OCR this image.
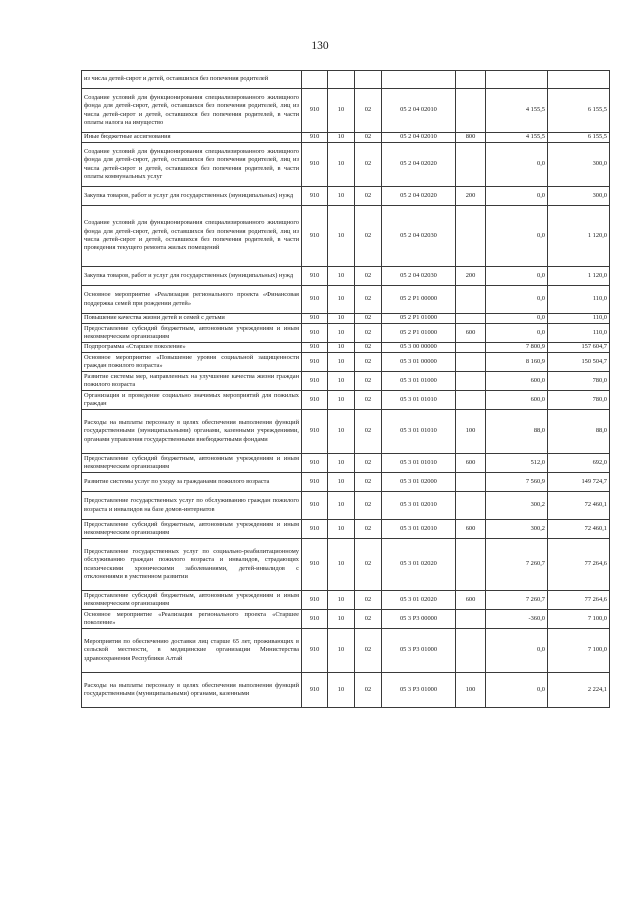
130
из числа детей-сирот и детей, оставшихся без попечения родителей							
Создание условий для функционирования специализированного жилищного фонда для детей-сирот, детей, оставшихся без попечения родителей, лиц из числа детей-сирот и детей, оставшихся без попечения родителей, в части оплаты налога на имущество	910	10	02	05 2 04 02010		4 155,5	6 155,5
Иные бюджетные ассигнования	910	10	02	05 2 04 02010	800	4 155,5	6 155,5
Создание условий для функционирования специализированного жилищного фонда для детей-сирот, детей, оставшихся без попечения родителей, лиц из числа детей-сирот и детей, оставшихся без попечения родителей, в части оплаты коммунальных услуг	910	10	02	05 2 04 02020		0,0	300,0
Закупка товаров, работ и услуг для государственных (муниципальных) нужд	910	10	02	05 2 04 02020	200	0,0	300,0
Создание условий для функционирования специализированного жилищного фонда для детей-сирот, детей, оставшихся без попечения родителей, лиц из числа детей-сирот и детей, оставшихся без попечения родителей, в части проведения текущего ремонта жилых помещений	910	10	02	05 2 04 02030		0,0	1 120,0
Закупка товаров, работ и услуг для государственных (муниципальных) нужд	910	10	02	05 2 04 02030	200	0,0	1 120,0
Основное мероприятие «Реализация регионального проекта «Финансовая поддержка семей при рождении детей»	910	10	02	05 2 P1 00000		0,0	110,0
Повышение качества жизни детей и семей с детьми	910	10	02	05 2 P1 01000		0,0	110,0
Предоставление субсидий бюджетным, автономным учреждениям и иным некоммерческим организациям	910	10	02	05 2 P1 01000	600	0,0	110,0
Подпрограмма «Старшее поколение»	910	10	02	05 3 00 00000		7 800,9	157 604,7
Основное мероприятие «Повышение уровня социальной защищенности граждан пожилого возраста»	910	10	02	05 3 01 00000		8 160,9	150 504,7
Развитие системы мер, направленных на улучшение качества жизни граждан пожилого возраста	910	10	02	05 3 01 01000		600,0	780,0
Организация и проведение социально значимых мероприятий для пожилых граждан	910	10	02	05 3 01 01010		600,0	780,0
Расходы на выплаты персоналу в целях обеспечения выполнения функций государственными (муниципальными) органами, казенными учреждениями, органами управления государственными внебюджетными фондами	910	10	02	05 3 01 01010	100	88,0	88,0
Предоставление субсидий бюджетным, автономным учреждениям и иным некоммерческим организациям	910	10	02	05 3 01 01010	600	512,0	692,0
Развитие системы услуг по уходу за гражданами пожилого возраста	910	10	02	05 3 01 02000		7 560,9	149 724,7
Предоставление государственных услуг по обслуживанию граждан пожилого возраста и инвалидов на базе домов-интернатов	910	10	02	05 3 01 02010		300,2	72 460,1
Предоставление субсидий бюджетным, автономным учреждениям и иным некоммерческим организациям	910	10	02	05 3 01 02010	600	300,2	72 460,1
Предоставление государственных услуг по социально-реабилитационному обслуживанию граждан пожилого возраста и инвалидов, страдающих психическими хроническими заболеваниями, детей-инвалидов с отклонениями в умственном развитии	910	10	02	05 3 01 02020		7 260,7	77 264,6
Предоставление субсидий бюджетным, автономным учреждениям и иным некоммерческим организациям	910	10	02	05 3 01 02020	600	7 260,7	77 264,6
Основное мероприятие «Реализация регионального проекта «Старшее поколение»	910	10	02	05 3 P3 00000		-360,0	7 100,0
Мероприятия по обеспечению доставки лиц старше 65 лет, проживающих в сельской местности, в медицинские организации Министерства здравоохранения Республики Алтай	910	10	02	05 3 P3 01000		0,0	7 100,0
Расходы на выплаты персоналу в целях обеспечения выполнения функций государственными (муниципальными) органами, казенными	910	10	02	05 3 P3 01000	100	0,0	2 224,1
